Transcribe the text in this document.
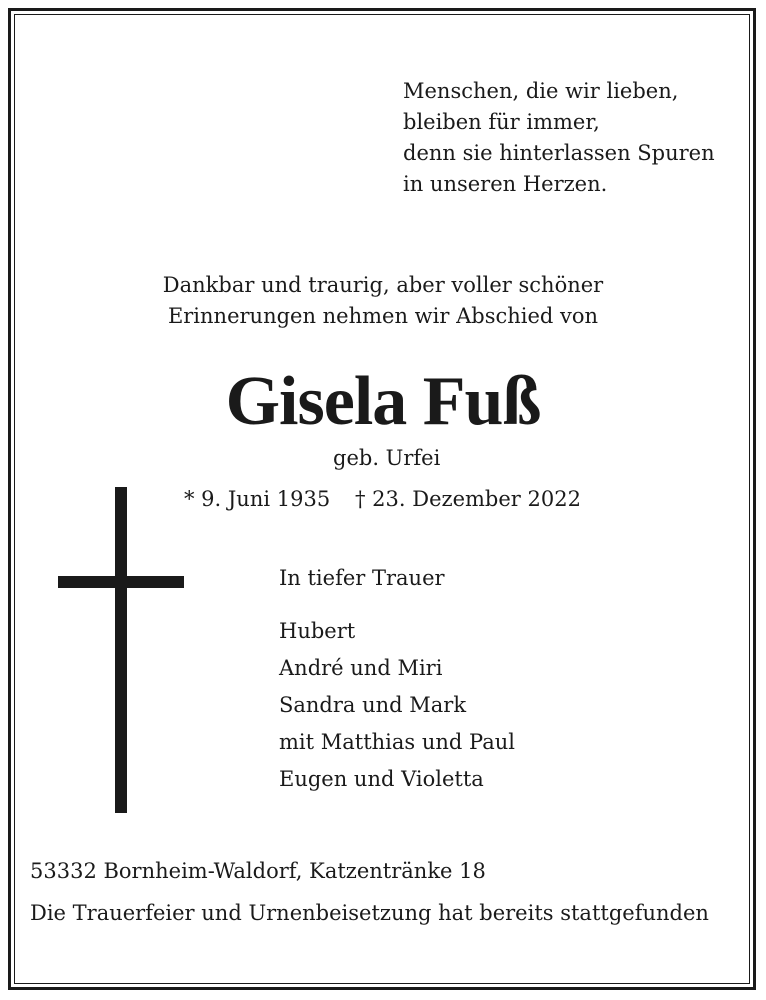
Menschen, die wir lieben,
bleiben für immer,
denn sie hinterlassen Spuren
in unseren Herzen.
Dankbar und traurig, aber voller schöner
Erinnerungen nehmen wir Abschied von
Gisela Fuß
geb. Urfei
* 9. Juni 1935 † 23. Dezember 2022
In tiefer Trauer
Hubert
André und Miri
Sandra und Mark
mit Matthias und Paul
Eugen und Violetta
53332 Bornheim-Waldorf, Katzentränke 18
Die Trauerfeier und Urnenbeisetzung hat bereits stattgefunden
